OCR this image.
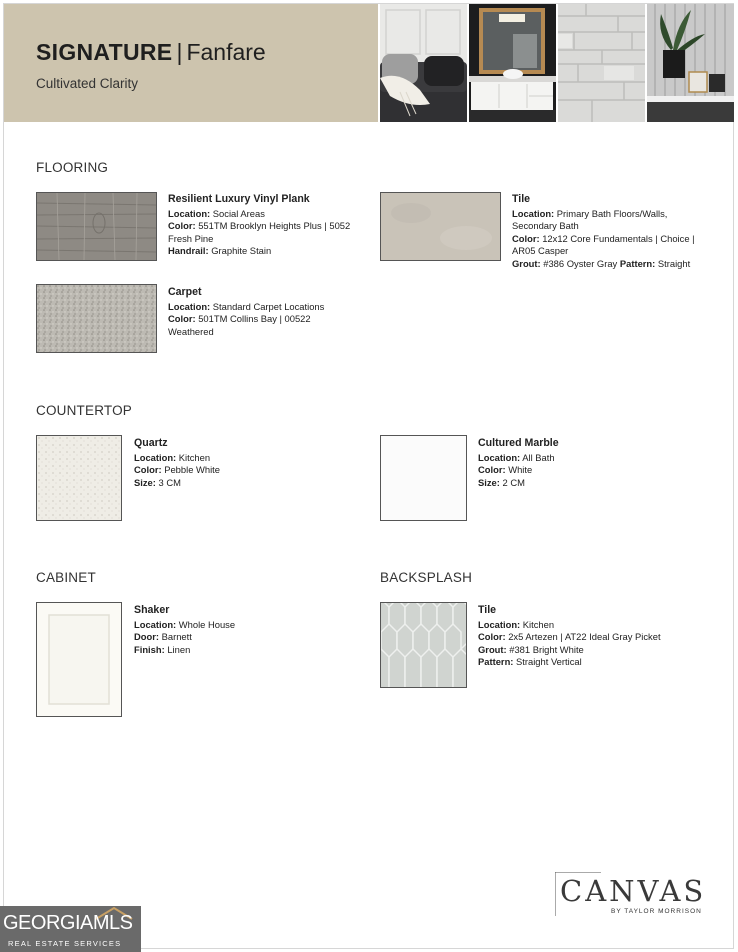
SIGNATURE | Fanfare
Cultivated Clarity
FLOORING
Resilient Luxury Vinyl Plank
Location: Social Areas
Color: 551TM Brooklyn Heights Plus | 5052 Fresh Pine
Handrail: Graphite Stain
Tile
Location: Primary Bath Floors/Walls, Secondary Bath
Color: 12x12 Core Fundamentals | Choice | AR05 Casper
Grout: #386 Oyster Gray Pattern: Straight
Carpet
Location: Standard Carpet Locations
Color: 501TM Collins Bay | 00522 Weathered
COUNTERTOP
Quartz
Location: Kitchen
Color: Pebble White
Size: 3 CM
Cultured Marble
Location: All Bath
Color: White
Size: 2 CM
CABINET
Shaker
Location: Whole House
Door: Barnett
Finish: Linen
BACKSPLASH
Tile
Location: Kitchen
Color: 2x5 Artezen | AT22 Ideal Gray Picket
Grout: #381 Bright White
Pattern: Straight Vertical
CANVAS
BY TAYLOR MORRISON
GEORGIAMLS
REAL ESTATE SERVICES
